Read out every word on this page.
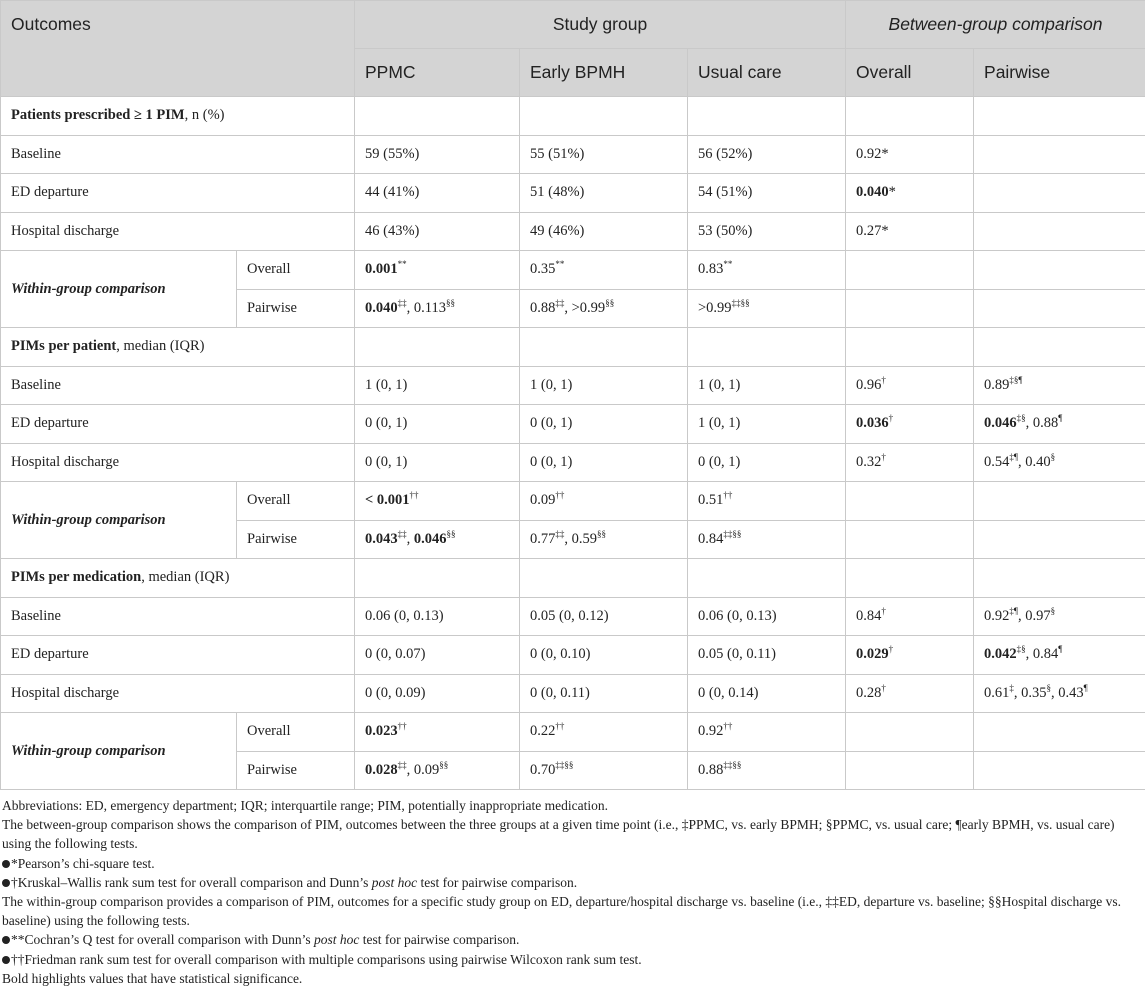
Outcomes		Study group			Between-group comparison	
		PPMC	Early BPMH	Usual care	Overall	Pairwise
Patients prescribed ≥ 1 PIM, n (%)						
Baseline		59 (55%)	55 (51%)	56 (52%)	0.92*	
ED departure		44 (41%)	51 (48%)	54 (51%)	0.040*	
Hospital discharge		46 (43%)	49 (46%)	53 (50%)	0.27*	
Within-group comparison	Overall	0.001**	0.35**	0.83**		
	Pairwise	0.040‡‡, 0.113§§	0.88‡‡, >0.99§§	>0.99‡‡§§		
PIMs per patient, median (IQR)						
Baseline		1 (0, 1)	1 (0, 1)	1 (0, 1)	0.96†	0.89‡§¶
ED departure		0 (0, 1)	0 (0, 1)	1 (0, 1)	0.036†	0.046‡§, 0.88¶
Hospital discharge		0 (0, 1)	0 (0, 1)	0 (0, 1)	0.32†	0.54‡¶, 0.40§
Within-group comparison	Overall	< 0.001††	0.09††	0.51††		
	Pairwise	0.043‡‡, 0.046§§	0.77‡‡, 0.59§§	0.84‡‡§§		
PIMs per medication, median (IQR)						
Baseline		0.06 (0, 0.13)	0.05 (0, 0.12)	0.06 (0, 0.13)	0.84†	0.92‡¶, 0.97§
ED departure		0 (0, 0.07)	0 (0, 0.10)	0.05 (0, 0.11)	0.029†	0.042‡§, 0.84¶
Hospital discharge		0 (0, 0.09)	0 (0, 0.11)	0 (0, 0.14)	0.28†	0.61‡, 0.35§, 0.43¶
Within-group comparison	Overall	0.023††	0.22††	0.92††		
	Pairwise	0.028‡‡, 0.09§§	0.70‡‡§§	0.88‡‡§§		
Abbreviations: ED, emergency department; IQR; interquartile range; PIM, potentially inappropriate medication.
The between-group comparison shows the comparison of PIM, outcomes between the three groups at a given time point (i.e., ‡PPMC, vs. early BPMH; §PPMC, vs. usual care; ¶early BPMH, vs. usual care) using the following tests.
*Pearson’s chi-square test.
†Kruskal–Wallis rank sum test for overall comparison and Dunn’s post hoc test for pairwise comparison.
The within-group comparison provides a comparison of PIM, outcomes for a specific study group on ED, departure/hospital discharge vs. baseline (i.e., ‡‡ED, departure vs. baseline; §§Hospital discharge vs. baseline) using the following tests.
**Cochran’s Q test for overall comparison with Dunn’s post hoc test for pairwise comparison.
††Friedman rank sum test for overall comparison with multiple comparisons using pairwise Wilcoxon rank sum test.
Bold highlights values that have statistical significance.
